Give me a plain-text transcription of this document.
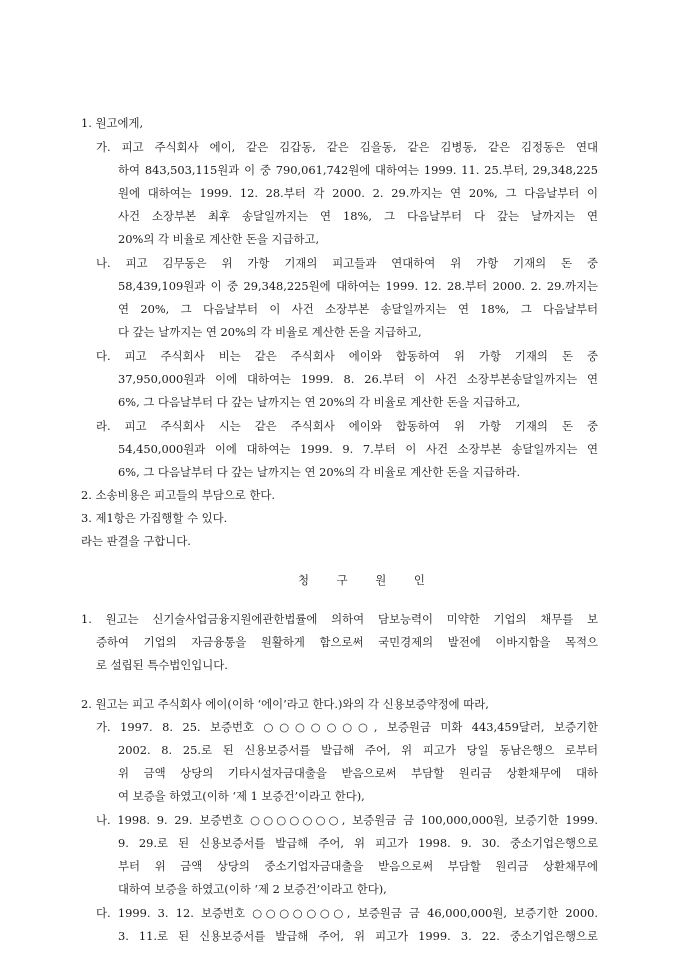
1. 원고에게,
가. 피고 주식회사 에이, 같은 김갑동, 같은 김을동, 같은 김병동, 같은 김정동은 연대
하여 843,503,115원과 이 중 790,061,742원에 대하여는 1999. 11. 25.부터, 29,348,225
원에 대하여는 1999. 12. 28.부터 각 2000. 2. 29.까지는 연 20%, 그 다음날부터 이
사건 소장부본 최후 송달일까지는 연 18%, 그 다음날부터 다 갚는 날까지는 연
20%의 각 비율로 계산한 돈을 지급하고,
나. 피고 김무동은 위 가항 기재의 피고들과 연대하여 위 가항 기재의 돈 중
58,439,109원과 이 중 29,348,225원에 대하여는 1999. 12. 28.부터 2000. 2. 29.까지는
연 20%, 그 다음날부터 이 사건 소장부본 송달일까지는 연 18%, 그 다음날부터
다 갚는 날까지는 연 20%의 각 비율로 계산한 돈을 지급하고,
다. 피고 주식회사 비는 같은 주식회사 에이와 합동하여 위 가항 기재의 돈 중
37,950,000원과 이에 대하여는 1999. 8. 26.부터 이 사건 소장부본송달일까지는 연
6%, 그 다음날부터 다 갚는 날까지는 연 20%의 각 비율로 계산한 돈을 지급하고,
라. 피고 주식회사 시는 같은 주식회사 에이와 합동하여 위 가항 기재의 돈 중
54,450,000원과 이에 대하여는 1999. 9. 7.부터 이 사건 소장부본 송달일까지는 연
6%, 그 다음날부터 다 갚는 날까지는 연 20%의 각 비율로 계산한 돈을 지급하라.
2. 소송비용은 피고들의 부담으로 한다.
3. 제1항은 가집행할 수 있다.
라는 판결을 구합니다.
청 구 원 인
1. 원고는 신기술사업금융지원에관한법률에 의하여 담보능력이 미약한 기업의 채무를 보
증하여 기업의 자금융통을 원활하게 함으로써 국민경제의 발전에 이바지함을 목적으
로 설립된 특수법인입니다.
2. 원고는 피고 주식회사 에이(이하 ‘에이’라고 한다.)와의 각 신용보증약정에 따라,
가. 1997. 8. 25. 보증번호 ○○○○○○○, 보증원금 미화 443,459달러, 보증기한
2002. 8. 25.로 된 신용보증서를 발급해 주어, 위 피고가 당일 동남은행으 로부터
위 금액 상당의 기타시설자금대출을 받음으로써 부담할 원리금 상환채무에 대하
여 보증을 하였고(이하 ‘제 1 보증건’이라고 한다),
나. 1998. 9. 29. 보증번호 ○○○○○○○, 보증원금 금 100,000,000원, 보증기한 1999.
9. 29.로 된 신용보증서를 발급해 주어, 위 피고가 1998. 9. 30. 중소기업은행으로
부터 위 금액 상당의 중소기업자금대출을 받음으로써 부담할 원리금 상환채무에
대하여 보증을 하였고(이하 ‘제 2 보증건’이라고 한다),
다. 1999. 3. 12. 보증번호 ○○○○○○○, 보증원금 금 46,000,000원, 보증기한 2000.
3. 11.로 된 신용보증서를 발급해 주어, 위 피고가 1999. 3. 22. 중소기업은행으로
